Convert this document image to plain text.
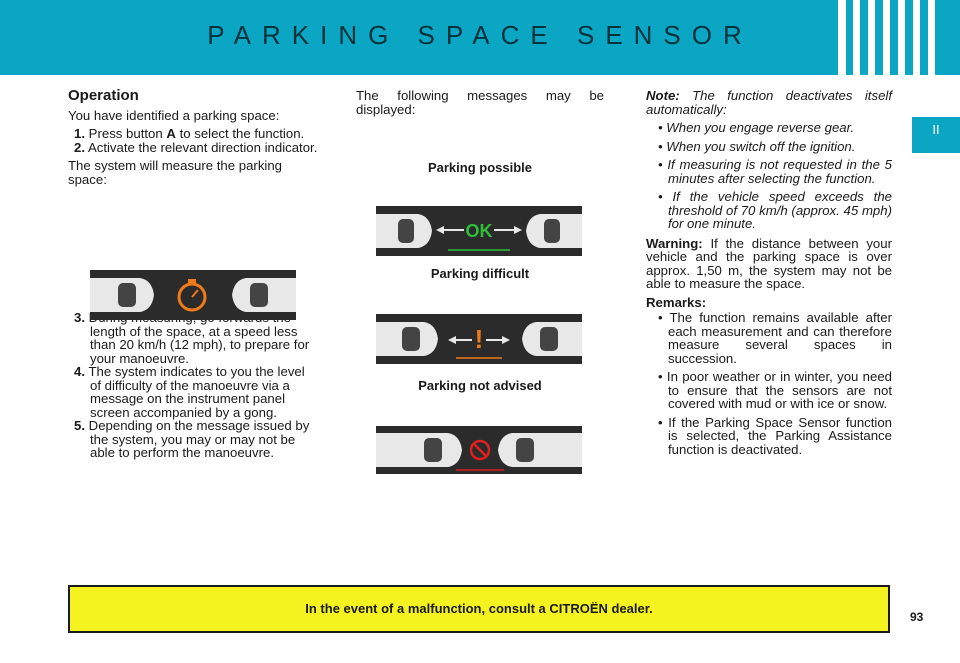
PARKING SPACE SENSOR
II
Operation

You have identified a parking space:

1. Press button A to select the function.
2. Activate the relevant direction indicator.

The system will measure the parking space:

3. length of the space, at a speed less than 20 km/h (12 mph), to prepare for your manoeuvre.
4. The system indicates to you the level of difficulty of the manoeuvre via a message on the instrument panel screen accompanied by a gong.
5. Depending on the message issued by the system, you may or may not be able to perform the manoeuvre.

The following messages may be displayed:

Parking possible
OK
Parking difficult
!
Parking not advised

Note: The function deactivates itself automatically:

• When you engage reverse gear.
• When you switch off the ignition.
• If measuring is not requested in the 5 minutes after selecting the function.
• If the vehicle speed exceeds the threshold of 70 km/h (approx. 45 mph) for one minute.

Warning: If the distance between your vehicle and the parking space is over approx. 1,50 m, the system may not be able to measure the space.

Remarks:

• The function remains available after each measurement and can therefore measure several spaces in succession.
• In poor weather or in winter, you need to ensure that the sensors are not covered with mud or with ice or snow.
• If the Parking Space Sensor function is selected, the Parking Assistance function is deactivated.
In the event of a malfunction, consult a CITROËN dealer.
93
